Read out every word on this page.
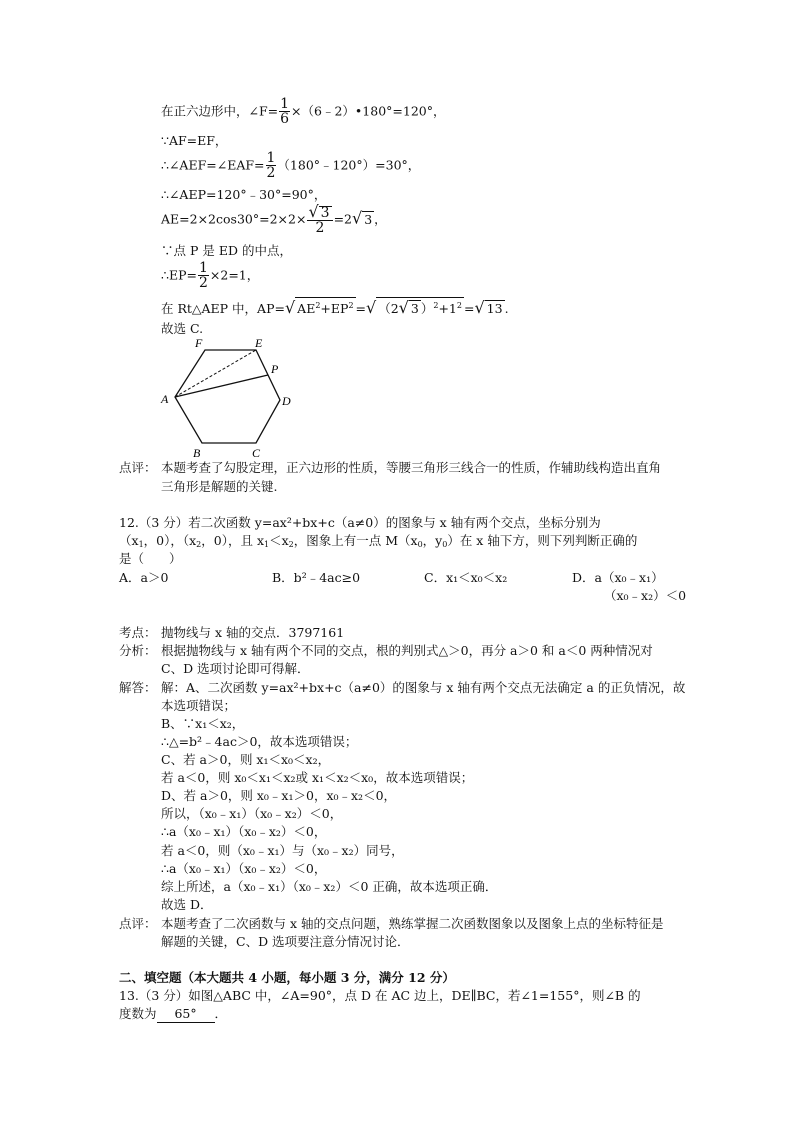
在正六边形中，∠F= $\frac{1}{6}$ ×（6﹣2）•180°=120°，
∵AF=EF，
∴∠AEF=∠EAF= $\frac{1}{2}$ （180°﹣120°）=30°，
∴∠AEP=120°﹣30°=90°，
$AE=2\times 2\cos 30^\circ=2\times 2\times \frac{√ 3}{2} =2√$ 3 ，
∵点 P 是 ED 的中点，
∴EP= $\frac{1}{2} \times 2=1$，
在 Rt△AEP 中，AP=√ $AE^2+EP^2$ =√ （2√ 3 ）$^2+1^2$ =√ 13 .
故选 C.
F	E
P
A	D
B	C
点评： 本题考查了勾股定理，正六边形的性质，等腰三角形三线合一的性质，作辅助线构造出直角
三角形是解题的关键.
12.（3 分）若二次函数 y=ax²+bx+c（a≠0）的图象与 x 轴有两个交点，坐标分别为
（$x_1$，0），（$x_2$，0），且 $x_1<x_2$，图象上有一点 $M(x_0$，$y_0$）在 x 轴下方，则下列判断正确的
是（　　）
A．a＞0	B．b²﹣4ac≥0	C．x₁＜x₀＜x₂	D．a（x₀﹣x₁）
（x₀﹣x₂）＜0
考点： 抛物线与 x 轴的交点．3797161
分析： 根据抛物线与 x 轴有两个不同的交点，根的判别式△＞0，再分 a＞0 和 a＜0 两种情况对
C、D 选项讨论即可得解．
解答： 解：A、二次函数 y=ax²+bx+c（a≠0）的图象与 x 轴有两个交点无法确定 a 的正负情况，故
本选项错误；
B、∵x₁＜x₂，
∴△=b²﹣4ac＞0，故本选项错误；
C、若 a＞0，则 x₁＜x₀＜x₂，
若 a＜0，则 x₀＜x₁＜x₂或 x₁＜x₂＜x₀，故本选项错误；
D、若 a＞0，则 x₀﹣x₁＞0，x₀﹣x₂＜0，
所以，（x₀﹣x₁）（x₀﹣x₂）＜0，
∴a（x₀﹣x₁）（x₀﹣x₂）＜0，
若 a＜0，则（x₀﹣x₁）与（x₀﹣x₂）同号，
∴a（x₀﹣x₁）（x₀﹣x₂）＜0，
综上所述，a（x₀﹣x₁）（x₀﹣x₂）＜0 正确，故本选项正确．
故选 D．
点评： 本题考查了二次函数与 x 轴的交点问题，熟练掌握二次函数图象以及图象上点的坐标特征是
解题的关键，C、D 选项要注意分情况讨论．
二、填空题（本大题共 4 小题，每小题 3 分，满分 12 分）
13.（3 分）如图△ABC 中，∠A=90°，点 D 在 AC 边上，DE∥BC，若∠1=155°，则∠B 的
度数为 65° ．
